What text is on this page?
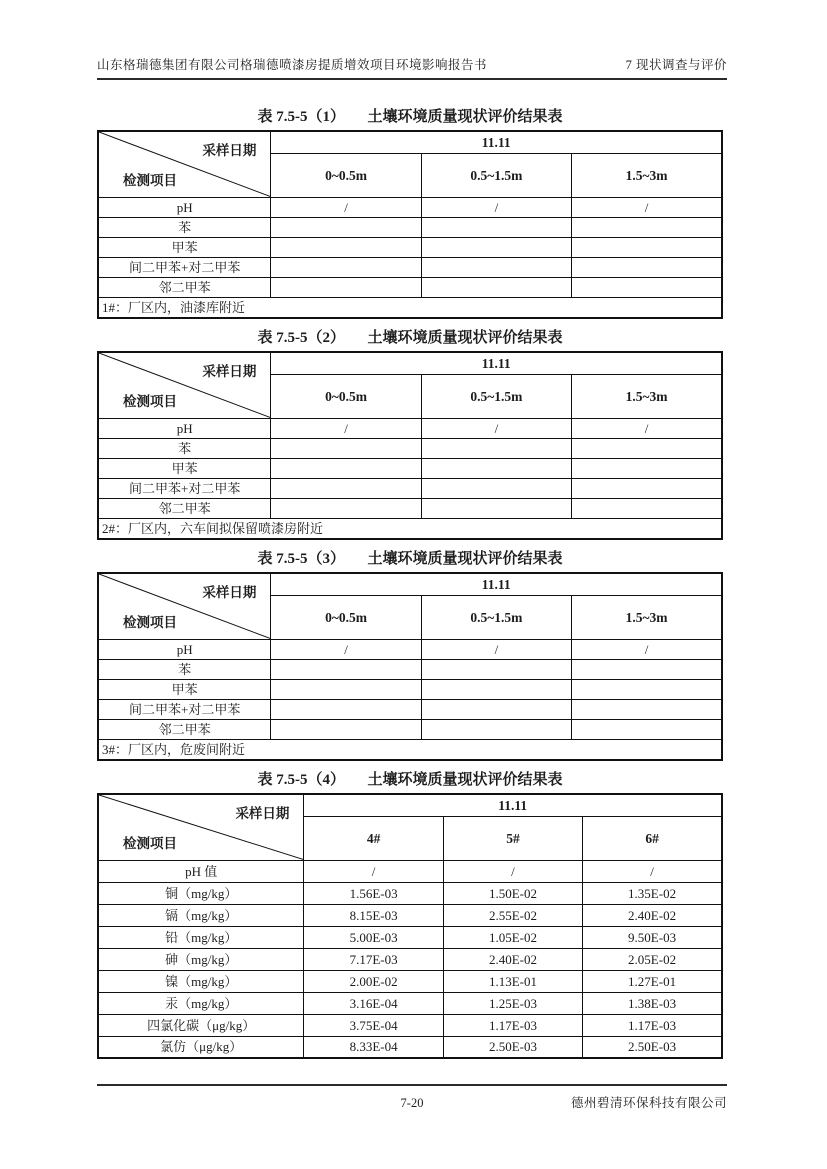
山东格瑞德集团有限公司格瑞德喷漆房提质增效项目环境影响报告书	7 现状调查与评价
表 7.5-5（1）　　土壤环境质量现状评价结果表
采样日期
检测项目	11.11		
	0~0.5m	0.5~1.5m	1.5~3m
pH	/	/	/
苯			
甲苯			
间二甲苯+对二甲苯			
邻二甲苯			
1#：厂区内，油漆库附近			
表 7.5-5（2）　　土壤环境质量现状评价结果表
采样日期
检测项目	11.11		
	0~0.5m	0.5~1.5m	1.5~3m
pH	/	/	/
苯			
甲苯			
间二甲苯+对二甲苯			
邻二甲苯			
2#：厂区内，六车间拟保留喷漆房附近			
表 7.5-5（3）　　土壤环境质量现状评价结果表
采样日期
检测项目	11.11		
	0~0.5m	0.5~1.5m	1.5~3m
pH	/	/	/
苯			
甲苯			
间二甲苯+对二甲苯			
邻二甲苯			
3#：厂区内，危废间附近			
表 7.5-5（4）　　土壤环境质量现状评价结果表
采样日期
检测项目	11.11		
	4#	5#	6#
pH 值	/	/	/
铜（mg/kg）	1.56E-03	1.50E-02	1.35E-02
镉（mg/kg）	8.15E-03	2.55E-02	2.40E-02
铅（mg/kg）	5.00E-03	1.05E-02	9.50E-03
砷（mg/kg）	7.17E-03	2.40E-02	2.05E-02
镍（mg/kg）	2.00E-02	1.13E-01	1.27E-01
汞（mg/kg）	3.16E-04	1.25E-03	1.38E-03
四氯化碳（μg/kg）	3.75E-04	1.17E-03	1.17E-03
氯仿（μg/kg）	8.33E-04	2.50E-03	2.50E-03
7-20	德州碧清环保科技有限公司
